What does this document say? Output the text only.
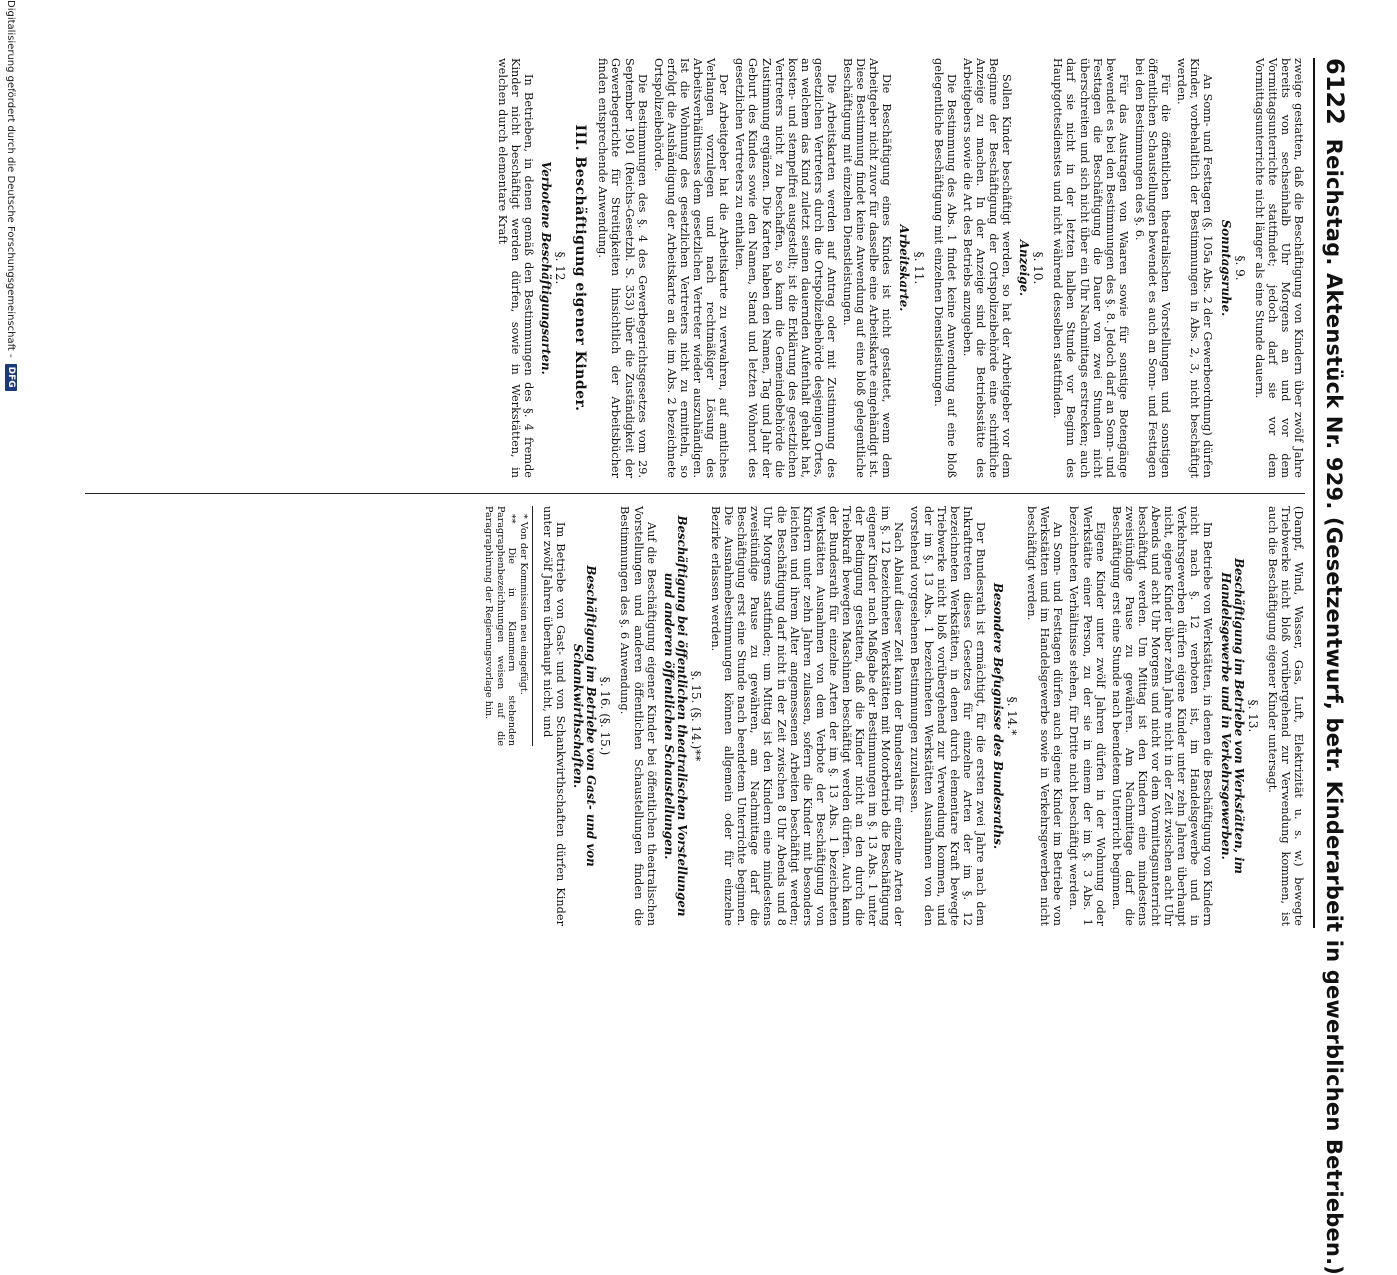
6122
Reichstag. Aktenstück Nr. 929. (Gesetzentwurf, betr. Kinderarbeit in gewerblichen Betrieben.)

zweige gestatten, daß die Beschäftigung von Kindern über zwölf Jahre bereits von sechseinhalb Uhr Morgens an und vor dem Vormittagsunterrichte stattfindet; jedoch darf sie vor dem Vormittagsunterrichte nicht länger als eine Stunde dauern.

§. 9.
Sonntagsruhe.

An Sonn- und Festtagen (§. 105a Abs. 2 der Gewerbeordnung) dürfen Kinder, vorbehaltlich der Bestimmungen in Abs. 2, 3, nicht beschäftigt werden.

Für die öffentlichen theatralischen Vorstellungen und sonstigen öffentlichen Schaustellungen bewendet es auch an Sonn- und Festtagen bei den Bestimmungen des §. 6.

Für das Austragen von Waaren sowie für sonstige Botengänge bewendet es bei den Bestimmungen des §. 8. Jedoch darf an Sonn- und Festtagen die Beschäftigung die Dauer von zwei Stunden nicht überschreiten und sich nicht über ein Uhr Nachmittags erstrecken; auch darf sie nicht in der letzten halben Stunde vor Beginn des Hauptgottesdienstes und nicht während desselben stattfinden.

§. 10.
Anzeige.

Sollen Kinder beschäftigt werden, so hat der Arbeitgeber vor dem Beginne der Beschäftigung der Ortspolizeibehörde eine schriftliche Anzeige zu machen. In der Anzeige sind die Betriebsstätte des Arbeitgebers sowie die Art des Betriebs anzugeben.

Die Bestimmung des Abs. 1 findet keine Anwendung auf eine bloß gelegentliche Beschäftigung mit einzelnen Dienstleistungen.

§. 11.
Arbeitskarte.

Die Beschäftigung eines Kindes ist nicht gestattet, wenn dem Arbeitgeber nicht zuvor für dasselbe eine Arbeitskarte eingehändigt ist. Diese Bestimmung findet keine Anwendung auf eine bloß gelegentliche Beschäftigung mit einzelnen Dienstleistungen.

Die Arbeitskarten werden auf Antrag oder mit Zustimmung des gesetzlichen Vertreters durch die Ortspolizeibehörde desjenigen Ortes, an welchem das Kind zuletzt seinen dauernden Aufenthalt gehabt hat, kosten- und stempelfrei ausgestellt; ist die Erklärung des gesetzlichen Vertreters nicht zu beschaffen, so kann die Gemeindebehörde die Zustimmung ergänzen. Die Karten haben den Namen, Tag und Jahr der Geburt des Kindes sowie den Namen, Stand und letzten Wohnort des gesetzlichen Vertreters zu enthalten.

Der Arbeitgeber hat die Arbeitskarte zu verwahren, auf amtliches Verlangen vorzulegen und nach rechtmäßiger Lösung des Arbeitsverhältnisses dem gesetzlichen Vertreter wieder auszuhändigen. Ist die Wohnung des gesetzlichen Vertreters nicht zu ermitteln, so erfolgt die Aushändigung der Arbeitskarte an die im Abs. 2 bezeichnete Ortspolizeibehörde.

Die Bestimmungen des §. 4 des Gewerbegerichtsgesetzes vom 29. September 1901 (Reichs-Gesetzbl. S. 353) über die Zuständigkeit der Gewerbegerichte für Streitigkeiten hinsichtlich der Arbeitsbücher finden entsprechende Anwendung.

III. Beschäftigung eigener Kinder.
§. 12.
Verbotene Beschäftigungsarten.

In Betrieben, in denen gemäß den Bestimmungen des §. 4 fremde Kinder nicht beschäftigt werden dürfen, sowie in Werkstätten, in welchen durch elementare Kraft

(Dampf, Wind, Wasser, Gas, Luft, Elektrizität u. s. w.) bewegte Triebwerke nicht bloß vorübergehend zur Verwendung kommen, ist auch die Beschäftigung eigener Kinder untersagt.

§. 13.
Beschäftigung im Betriebe von Werkstätten, im Handelsgewerbe und in Verkehrsgewerben.

Im Betriebe von Werkstätten, in denen die Beschäftigung von Kindern nicht nach §. 12 verboten ist, im Handelsgewerbe und in Verkehrsgewerben dürfen eigene Kinder unter zehn Jahren überhaupt nicht, eigene Kinder über zehn Jahre nicht in der Zeit zwischen acht Uhr Abends und acht Uhr Morgens und nicht vor dem Vormittagsunterricht beschäftigt werden. Um Mittag ist den Kindern eine mindestens zweistündige Pause zu gewähren. Am Nachmittage darf die Beschäftigung erst eine Stunde nach beendetem Unterricht beginnen.

Eigene Kinder unter zwölf Jahren dürfen in der Wohnung oder Werkstätte einer Person, zu der sie in einem der im §. 3 Abs. 1 bezeichneten Verhältnisse stehen, für Dritte nicht beschäftigt werden.

An Sonn- und Festtagen dürfen auch eigene Kinder im Betriebe von Werkstätten und im Handelsgewerbe sowie in Verkehrsgewerben nicht beschäftigt werden.

§. 14.*
Besondere Befugnisse des Bundesraths.

Der Bundesrath ist ermächtigt, für die ersten zwei Jahre nach dem Inkrafttreten dieses Gesetzes für einzelne Arten der im §. 12 bezeichneten Werkstätten, in denen durch elementare Kraft bewegte Triebwerke nicht bloß vorübergehend zur Verwendung kommen, und der im §. 13 Abs. 1 bezeichneten Werkstätten Ausnahmen von den vorstehend vorgesehenen Bestimmungen zuzulassen.

Nach Ablauf dieser Zeit kann der Bundesrath für einzelne Arten der im §. 12 bezeichneten Werkstätten mit Motorbetrieb die Beschäftigung eigener Kinder nach Maßgabe der Bestimmungen im §. 13 Abs. 1 unter der Bedingung gestatten, daß die Kinder nicht an den durch die Triebkraft bewegten Maschinen beschäftigt werden dürfen. Auch kann der Bundesrath für einzelne Arten der im §. 13 Abs. 1 bezeichneten Werkstätten Ausnahmen von dem Verbote der Beschäftigung von Kindern unter zehn Jahren zulassen, sofern die Kinder mit besonders leichten und ihrem Alter angemessenen Arbeiten beschäftigt werden; die Beschäftigung darf nicht in der Zeit zwischen 8 Uhr Abends und 8 Uhr Morgens stattfinden; um Mittag ist den Kindern eine mindestens zweistündige Pause zu gewähren, am Nachmittage darf die Beschäftigung erst eine Stunde nach beendetem Unterrichte beginnen. Die Ausnahmebestimmungen können allgemein oder für einzelne Bezirke erlassen werden.

§. 15. (§. 14.)**
Beschäftigung bei öffentlichen theatralischen Vorstellungen und anderen öffentlichen Schaustellungen.

Auf die Beschäftigung eigener Kinder bei öffentlichen theatralischen Vorstellungen und anderen öffentlichen Schaustellungen finden die Bestimmungen des §. 6 Anwendung.

§. 16. (§. 15.)
Beschäftigung im Betriebe von Gast- und von Schankwirthschaften.

Im Betriebe von Gast- und von Schankwirthschaften dürfen Kinder unter zwölf Jahren überhaupt nicht, und

* Von der Kommission neu eingefügt.
** Die in Klammern stehenden Paragraphenbezeichnungen weisen auf die Paragraphirung der Regierungsvorlage hin.
Digitalisierung gefördert durch die Deutsche Forschungsgemeinschaft -
DFG
